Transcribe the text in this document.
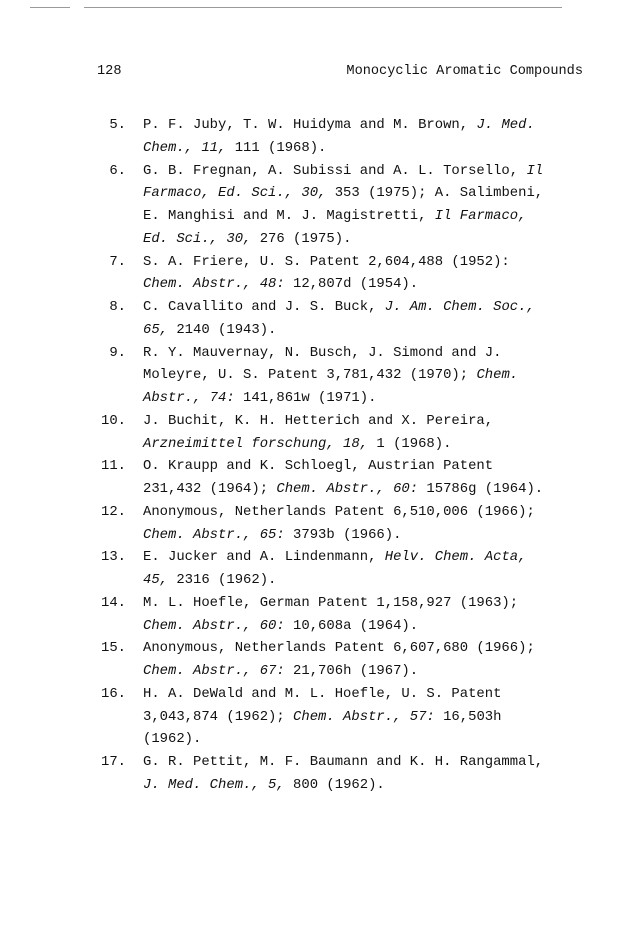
128	Monocyclic Aromatic Compounds
5. P. F. Juby, T. W. Huidyma and M. Brown, J. Med.
Chem., 11, 111 (1968).
6. G. B. Fregnan, A. Subissi and A. L. Torsello, Il
Farmaco, Ed. Sci., 30, 353 (1975); A. Salimbeni,
E. Manghisi and M. J. Magistretti, Il Farmaco,
Ed. Sci., 30, 276 (1975).
7. S. A. Friere, U. S. Patent 2,604,488 (1952):
Chem. Abstr., 48: 12,807d (1954).
8. C. Cavallito and J. S. Buck, J. Am. Chem. Soc.,
65, 2140 (1943).
9. R. Y. Mauvernay, N. Busch, J. Simond and J.
Moleyre, U. S. Patent 3,781,432 (1970); Chem.
Abstr., 74: 141,861w (1971).
10. J. Buchit, K. H. Hetterich and X. Pereira,
Arzneimittel forschung, 18, 1 (1968).
11. O. Kraupp and K. Schloegl, Austrian Patent
231,432 (1964); Chem. Abstr., 60: 15786g (1964).
12. Anonymous, Netherlands Patent 6,510,006 (1966);
Chem. Abstr., 65: 3793b (1966).
13. E. Jucker and A. Lindenmann, Helv. Chem. Acta,
45, 2316 (1962).
14. M. L. Hoefle, German Patent 1,158,927 (1963);
Chem. Abstr., 60: 10,608a (1964).
15. Anonymous, Netherlands Patent 6,607,680 (1966);
Chem. Abstr., 67: 21,706h (1967).
16. H. A. DeWald and M. L. Hoefle, U. S. Patent
3,043,874 (1962); Chem. Abstr., 57: 16,503h
(1962).
17. G. R. Pettit, M. F. Baumann and K. H. Rangammal,
J. Med. Chem., 5, 800 (1962).
